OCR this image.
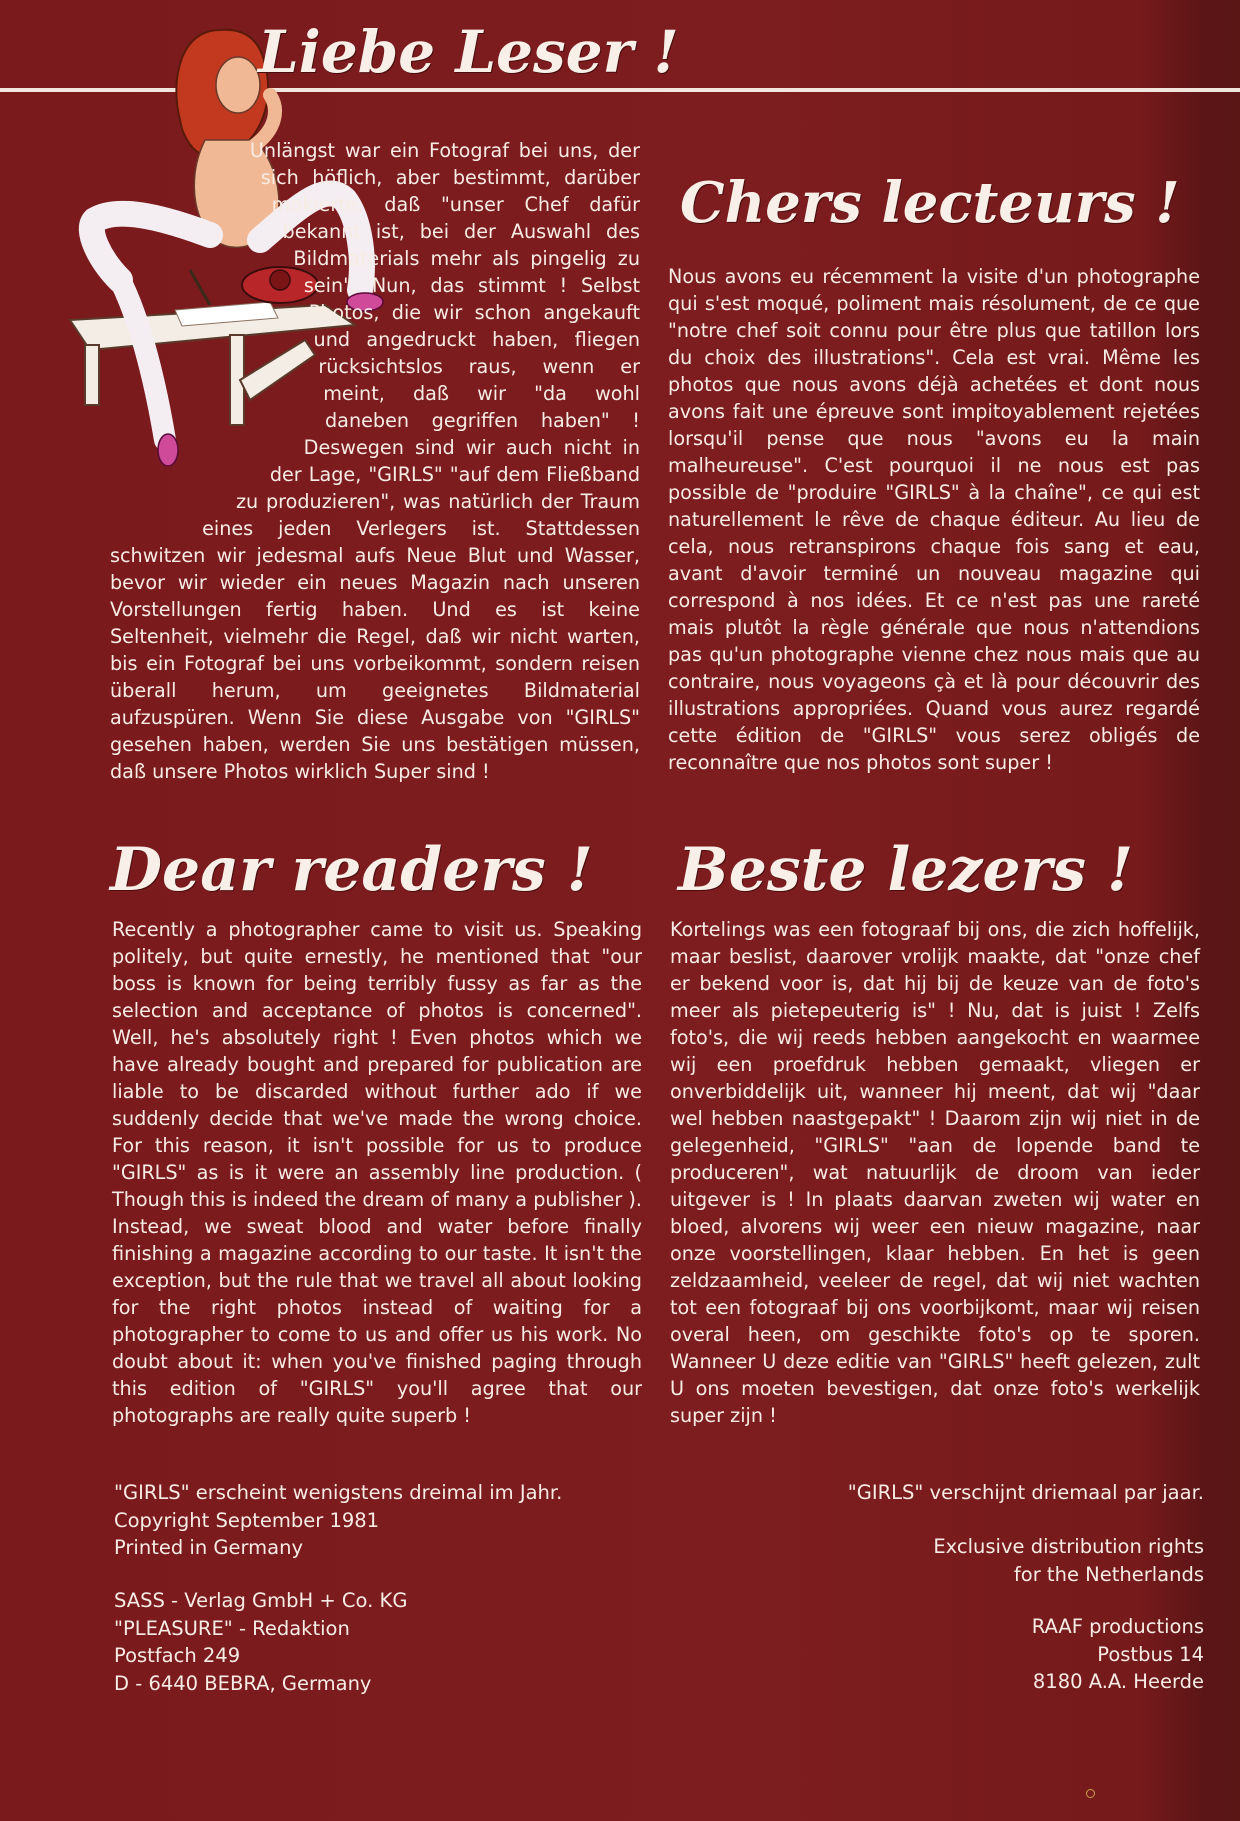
Liebe Leser !
Chers lecteurs !
Dear readers ! Beste lezers !

Unlängst war ein Fotograf bei uns, der sich höflich, aber bestimmt, darüber mokierte, daß "unser Chef dafür bekannt ist, bei der Auswahl des Bildmaterials mehr als pingelig zu sein". Nun, das stimmt ! Selbst Photos, die wir schon angekauft und angedruckt haben, fliegen rücksichtslos raus, wenn er meint, daß wir "da wohl daneben gegriffen haben" ! Deswegen sind wir auch nicht in der Lage, "GIRLS" "auf dem Fließband zu produzieren", was natürlich der Traum eines jeden Verlegers ist. Stattdessen schwitzen wir jedesmal aufs Neue Blut und Wasser, bevor wir wieder ein neues Magazin nach unseren Vorstellungen fertig haben. Und es ist keine Seltenheit, vielmehr die Regel, daß wir nicht warten, bis ein Fotograf bei uns vorbeikommt, sondern reisen überall herum, um geeignetes Bildmaterial aufzuspüren. Wenn Sie diese Ausgabe von "GIRLS" gesehen haben, werden Sie uns bestätigen müssen, daß unsere Photos wirklich Super sind !

Nous avons eu récemment la visite d'un photographe qui s'est moqué, poliment mais résolument, de ce que "notre chef soit connu pour être plus que tatillon lors du choix des illustrations". Cela est vrai. Même les photos que nous avons déjà achetées et dont nous avons fait une épreuve sont impitoyablement rejetées lorsqu'il pense que nous "avons eu la main malheureuse". C'est pourquoi il ne nous est pas possible de "produire "GIRLS" à la chaîne", ce qui est naturellement le rêve de chaque éditeur. Au lieu de cela, nous retranspirons chaque fois sang et eau, avant d'avoir terminé un nouveau magazine qui correspond à nos idées. Et ce n'est pas une rareté mais plutôt la règle générale que nous n'attendions pas qu'un photographe vienne chez nous mais que au contraire, nous voyageons çà et là pour découvrir des illustrations appropriées. Quand vous aurez regardé cette édition de "GIRLS" vous serez obligés de reconnaître que nos photos sont super !

Recently a photographer came to visit us. Speaking politely, but quite ernestly, he mentioned that "our boss is known for being terribly fussy as far as the selection and acceptance of photos is concerned". Well, he's absolutely right ! Even photos which we have already bought and prepared for publication are liable to be discarded without further ado if we suddenly decide that we've made the wrong choice. For this reason, it isn't possible for us to produce "GIRLS" as is it were an assembly line production. ( Though this is indeed the dream of many a publisher ). Instead, we sweat blood and water before finally finishing a magazine according to our taste. It isn't the exception, but the rule that we travel all about looking for the right photos instead of waiting for a photographer to come to us and offer us his work. No doubt about it: when you've finished paging through this edition of "GIRLS" you'll agree that our photographs are really quite superb !

Kortelings was een fotograaf bij ons, die zich hoffelijk, maar beslist, daarover vrolijk maakte, dat "onze chef er bekend voor is, dat hij bij de keuze van de foto's meer als pietepeuterig is" ! Nu, dat is juist ! Zelfs foto's, die wij reeds hebben aangekocht en waarmee wij een proefdruk hebben gemaakt, vliegen er onverbiddelijk uit, wanneer hij meent, dat wij "daar wel hebben naastgepakt" ! Daarom zijn wij niet in de gelegenheid, "GIRLS" "aan de lopende band te produceren", wat natuurlijk de droom van ieder uitgever is ! In plaats daarvan zweten wij water en bloed, alvorens wij weer een nieuw magazine, naar onze voorstellingen, klaar hebben. En het is geen zeldzaamheid, veeleer de regel, dat wij niet wachten tot een fotograaf bij ons voorbijkomt, maar wij reisen overal heen, om geschikte foto's op te sporen. Wanneer U deze editie van "GIRLS" heeft gelezen, zult U ons moeten bevestigen, dat onze foto's werkelijk super zijn !

"GIRLS" erscheint wenigstens dreimal im Jahr.
Copyright September 1981
Printed in Germany
SASS - Verlag GmbH + Co. KG
"PLEASURE" - Redaktion
Postfach 249
D - 6440 BEBRA, Germany
"GIRLS" verschijnt driemaal par jaar.
Exclusive distribution rights
for the Netherlands
RAAF productions
Postbus 14
8180 A.A. Heerde
